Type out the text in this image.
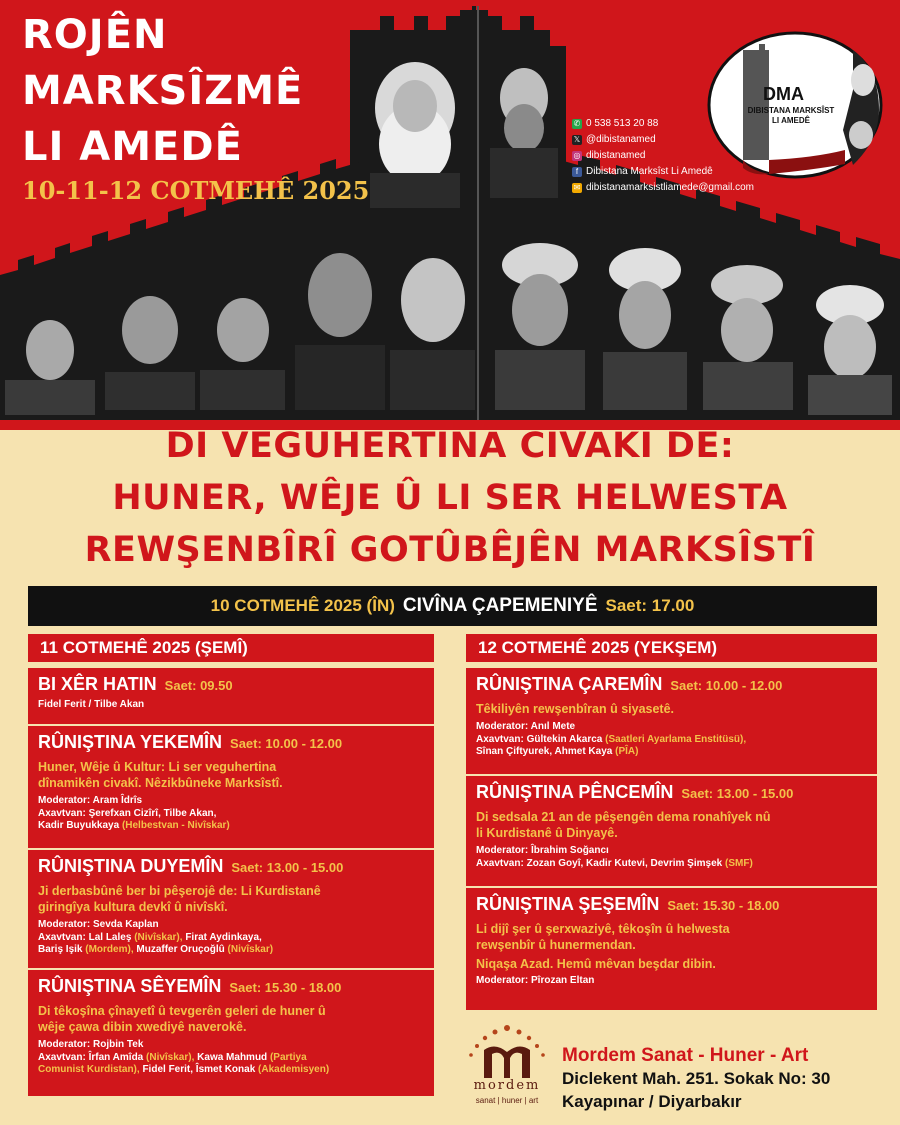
ROJÊN
MARKSÎZMÊ
LI AMEDÊ
10-11-12 COTMEHÊ 2025
✆ 0 538 513 20 88
𝕏 @dibistanamed
◎ dibistanamed
f Dibistana Marksîst Li Amedê
✉ dibistanamarksistliamede@gmail.com
DMA
DIBISTANA MARKSÎST
LI AMEDÊ
DI VEGUHERTINA CIVAKÎ DE:
HUNER, WÊJE Û LI SER HELWESTA
REWŞENBÎRÎ GOTÛBÊJÊN MARKSÎSTÎ
10 COTMEHÊ 2025 (ÎN) CIVÎNA ÇAPEMENIYÊ Saet: 17.00
11 COTMEHÊ 2025 (ŞEMÎ)
BI XÊR HATIN Saet: 09.50
Fidel Ferit / Tilbe Akan
RÛNIŞTINA YEKEMÎN Saet: 10.00 - 12.00
Huner, Wêje û Kultur: Li ser veguhertina
dînamikên civakî. Nêzikbûneke Marksîstî.
Moderator: Aram Îdrîs
Axavtvan: Şerefxan Cizîrî, Tilbe Akan,
Kadir Buyukkaya (Helbestvan - Nivîskar)
RÛNIŞTINA DUYEMÎN Saet: 13.00 - 15.00
Ji derbasbûnê ber bi pêşerojê de: Li Kurdistanê
giringîya kultura devkî û nivîskî.
Moderator: Sevda Kaplan
Axavtvan: Lal Laleş (Nivîskar), Firat Aydinkaya,
Bariş Işik (Mordem), Muzaffer Oruçoğlû (Nivîskar)
RÛNIŞTINA SÊYEMÎN Saet: 15.30 - 18.00
Di têkoşîna çînayetî û tevgerên geleri de huner û
wêje çawa dibin xwediyê naverokê.
Moderator: Rojbin Tek
Axavtvan: Îrfan Amîda (Nivîskar), Kawa Mahmud (Partiya
Comunist Kurdistan), Fidel Ferit, Îsmet Konak (Akademisyen)
12 COTMEHÊ 2025 (YEKŞEM)
RÛNIŞTINA ÇAREMÎN Saet: 10.00 - 12.00
Têkiliyên rewşenbîran û siyasetê.
Moderator: Anıl Mete
Axavtvan: Gültekin Akarca (Saatleri Ayarlama Enstitüsü),
Sînan Çiftyurek, Ahmet Kaya (PÎA)
RÛNIŞTINA PÊNCEMÎN Saet: 13.00 - 15.00
Di sedsala 21 an de pêşengên dema ronahîyek nû
li Kurdistanê û Dinyayê.
Moderator: Îbrahim Soğancı
Axavtvan: Zozan Goyî, Kadir Kutevi, Devrim Şimşek (SMF)
RÛNIŞTINA ŞEŞEMÎN Saet: 15.30 - 18.00
Li dijî şer û şerxwaziyê, têkoşîn û helwesta
rewşenbîr û hunermendan.
Niqaşa Azad. Hemû mêvan beşdar dibin.
Moderator: Pîrozan Eltan
mordem
sanat | huner | art
Mordem Sanat - Huner - Art
Diclekent Mah. 251. Sokak No: 30
Kayapınar / Diyarbakır
